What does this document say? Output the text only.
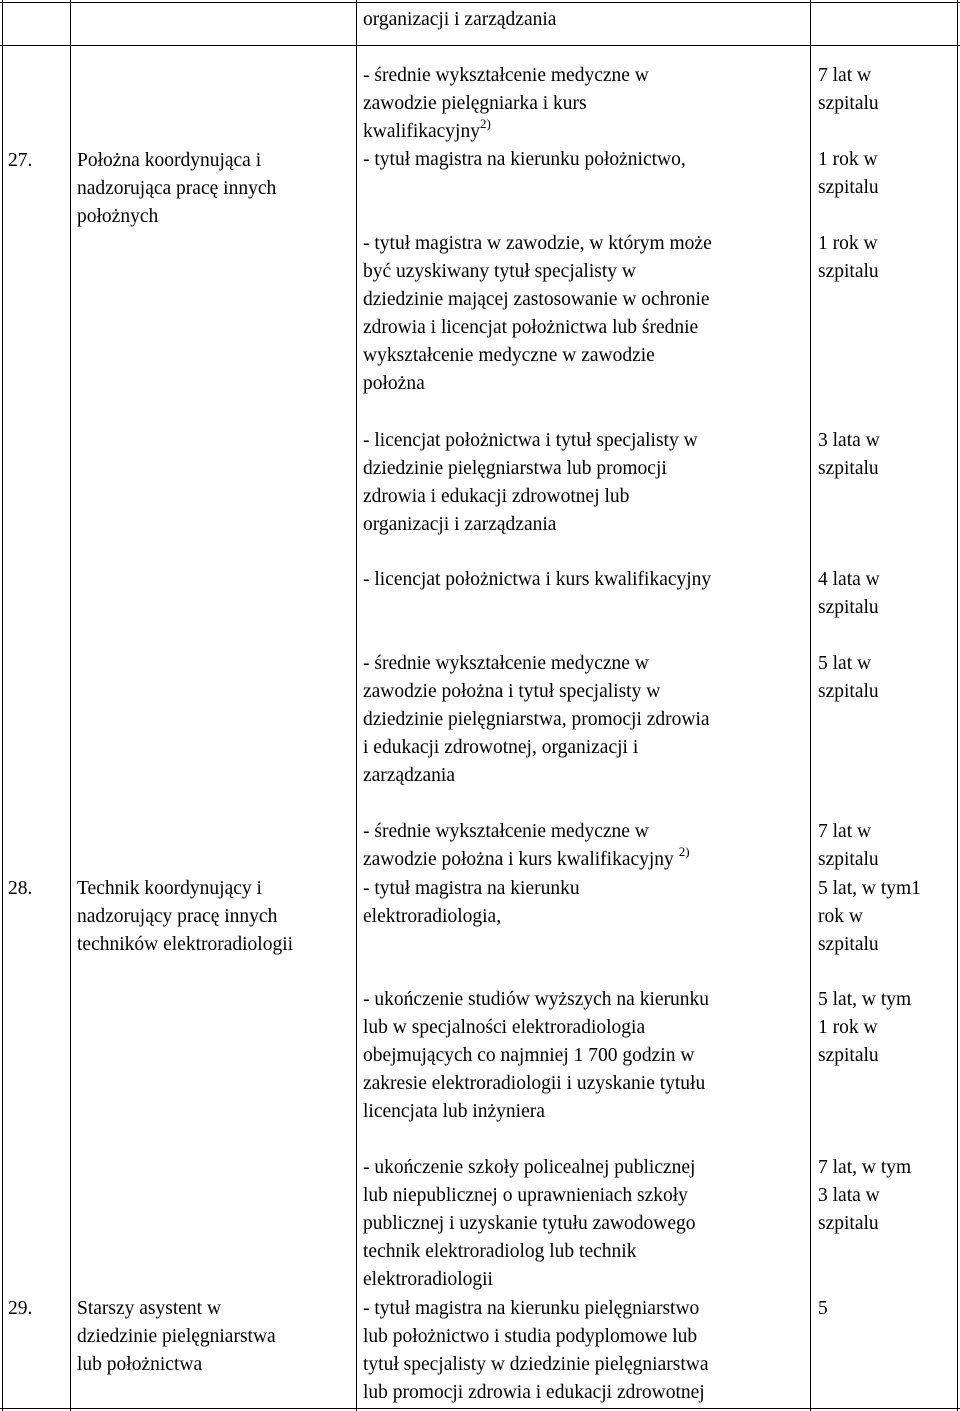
organizacji i zarządzania
27. Położna koordynująca i
nadzorująca pracę innych
położnych
- średnie wykształcenie medyczne w
zawodzie pielęgniarka i kurs
kwalifikacyjny$^{2)}$
- tytuł magistra na kierunku położnictwo,
- tytuł magistra w zawodzie, w którym może
być uzyskiwany tytuł specjalisty w
dziedzinie mającej zastosowanie w ochronie
zdrowia i licencjat położnictwa lub średnie
wykształcenie medyczne w zawodzie
położna
- licencjat położnictwa i tytuł specjalisty w
dziedzinie pielęgniarstwa lub promocji
zdrowia i edukacji zdrowotnej lub
organizacji i zarządzania
- licencjat położnictwa i kurs kwalifikacyjny
- średnie wykształcenie medyczne w
zawodzie położna i tytuł specjalisty w
dziedzinie pielęgniarstwa, promocji zdrowia
i edukacji zdrowotnej, organizacji i
zarządzania
- średnie wykształcenie medyczne w
zawodzie położna i kurs kwalifikacyjny $^{2)}$
7 lat w
szpitalu
1 rok w
szpitalu
1 rok w
szpitalu
3 lata w
szpitalu
4 lata w
szpitalu
5 lat w
szpitalu
7 lat w
szpitalu
28. Technik koordynujący i
nadzorujący pracę innych
techników elektroradiologii
- tytuł magistra na kierunku
elektroradiologia,
- ukończenie studiów wyższych na kierunku
lub w specjalności elektroradiologia
obejmujących co najmniej 1 700 godzin w
zakresie elektroradiologii i uzyskanie tytułu
licencjata lub inżyniera
- ukończenie szkoły policealnej publicznej
lub niepublicznej o uprawnieniach szkoły
publicznej i uzyskanie tytułu zawodowego
technik elektroradiolog lub technik
elektroradiologii
5 lat, w tym1
rok w
szpitalu
5 lat, w tym
1 rok w
szpitalu
7 lat, w tym
3 lata w
szpitalu
29. Starszy asystent w
dziedzinie pielęgniarstwa
lub położnictwa
- tytuł magistra na kierunku pielęgniarstwo
lub położnictwo i studia podyplomowe lub
tytuł specjalisty w dziedzinie pielęgniarstwa
lub promocji zdrowia i edukacji zdrowotnej
5
